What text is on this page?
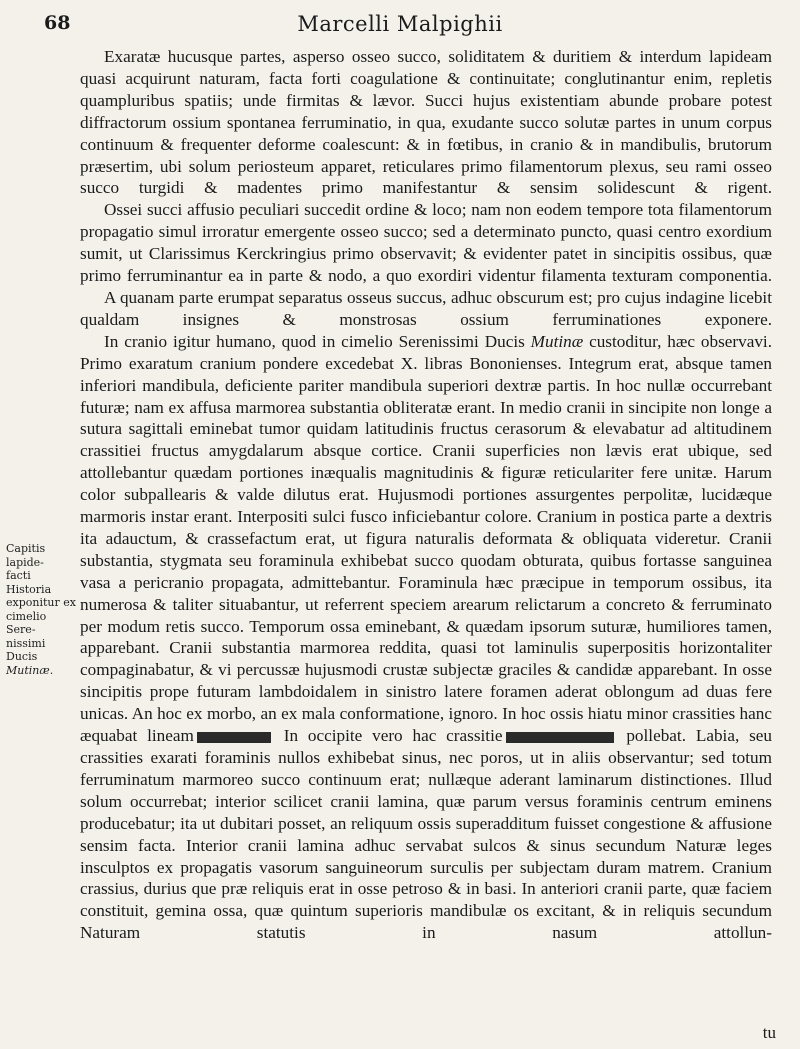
68	Marcelli Malpighii
Capitis lapide-
facti Historia
exponitur ex
cimelio Sere-
nissimi Ducis
Mutinæ.

Exaratæ hucusque partes, asperso osseo succo, soliditatem & duritiem & interdum lapideam quasi acquirunt naturam, facta forti coagulatione & continuitate; conglutinantur enim, repletis quampluribus spatiis; unde firmitas & lævor. Succi hujus existentiam abunde probare potest diffractorum ossium spontanea ferruminatio, in qua, exudante succo solutæ partes in unum corpus continuum & frequenter deforme coalescunt: & in fœtibus, in cranio & in mandibulis, brutorum præsertim, ubi solum periosteum apparet, reticulares primo filamentorum plexus, seu rami osseo succo turgidi & madentes primo manifestantur & sensim solidescunt & rigent.

Ossei succi affusio peculiari succedit ordine & loco; nam non eodem tempore tota filamentorum propagatio simul irroratur emergente osseo succo; sed a determinato puncto, quasi centro exordium sumit, ut Clarissimus Kerckringius primo observavit; & evidenter patet in sincipitis ossibus, quæ primo ferruminantur ea in parte & nodo, a quo exordiri videntur filamenta texturam componentia.

A quanam parte erumpat separatus osseus succus, adhuc obscurum est; pro cujus indagine licebit qualdam insignes & monstrosas ossium ferruminationes exponere.

In cranio igitur humano, quod in cimelio Serenissimi Ducis Mutinæ custoditur, hæc observavi. Primo exaratum cranium pondere excedebat X. libras Bononienses. Integrum erat, absque tamen inferiori mandibula, deficiente pariter mandibula superiori dextræ partis. In hoc nullæ occurrebant futuræ; nam ex affusa marmorea substantia obliteratæ erant. In medio cranii in sincipite non longe a sutura sagittali eminebat tumor quidam latitudinis fructus cerasorum & elevabatur ad altitudinem crassitiei fructus amygdalarum absque cortice. Cranii superficies non lævis erat ubique, sed attollebantur quædam portiones inæqualis magnitudinis & figuræ reticulariter fere unitæ. Harum color subpallearis & valde dilutus erat. Hujusmodi portiones assurgentes perpolitæ, lucidæque marmoris instar erant. Interpositi sulci fusco inficiebantur colore. Cranium in postica parte a dextris ita adauctum, & crassefactum erat, ut figura naturalis deformata & obliquata videretur. Cranii substantia, stygmata seu foraminula exhibebat succo quodam obturata, quibus fortasse sanguinea vasa a pericranio propagata, admittebantur. Foraminula hæc præcipue in temporum ossibus, ita numerosa & taliter situabantur, ut referrent speciem arearum relictarum a concreto & ferruminato per modum retis succo. Temporum ossa eminebant, & quædam ipsorum suturæ, humiliores tamen, apparebant. Cranii substantia marmorea reddita, quasi tot laminulis superpositis horizontaliter compaginabatur, & vi percussæ hujusmodi crustæ subjectæ graciles & candidæ apparebant. In osse sincipitis prope futuram lambdoidalem in sinistro latere foramen aderat oblongum ad duas fere unicas. An hoc ex morbo, an ex mala conformatione, ignoro. In hoc ossis hiatu minor crassities hanc æquabat lineam	In occipite vero hac crassitie	pollebat. Labia, seu crassities exarati foraminis nullos exhibebat sinus, nec poros, ut in aliis observantur; sed totum ferruminatum marmoreo succo continuum erat; nullæque aderant laminarum distinctiones. Illud solum occurrebat; interior scilicet cranii lamina, quæ parum versus foraminis centrum eminens producebatur; ita ut dubitari posset, an reliquum ossis superadditum fuisset congestione & affusione sensim facta. Interior cranii lamina adhuc servabat sulcos & sinus secundum Naturæ leges insculptos ex propagatis vasorum sanguineorum surculis per subjectam duram matrem. Cranium crassius, durius que præ reliquis erat in osse petroso & in basi. In anteriori cranii parte, quæ faciem constituit, gemina ossa, quæ quintum superioris mandibulæ os excitant, & in reliquis secundum Naturam statutis in nasum attollun-

tu
